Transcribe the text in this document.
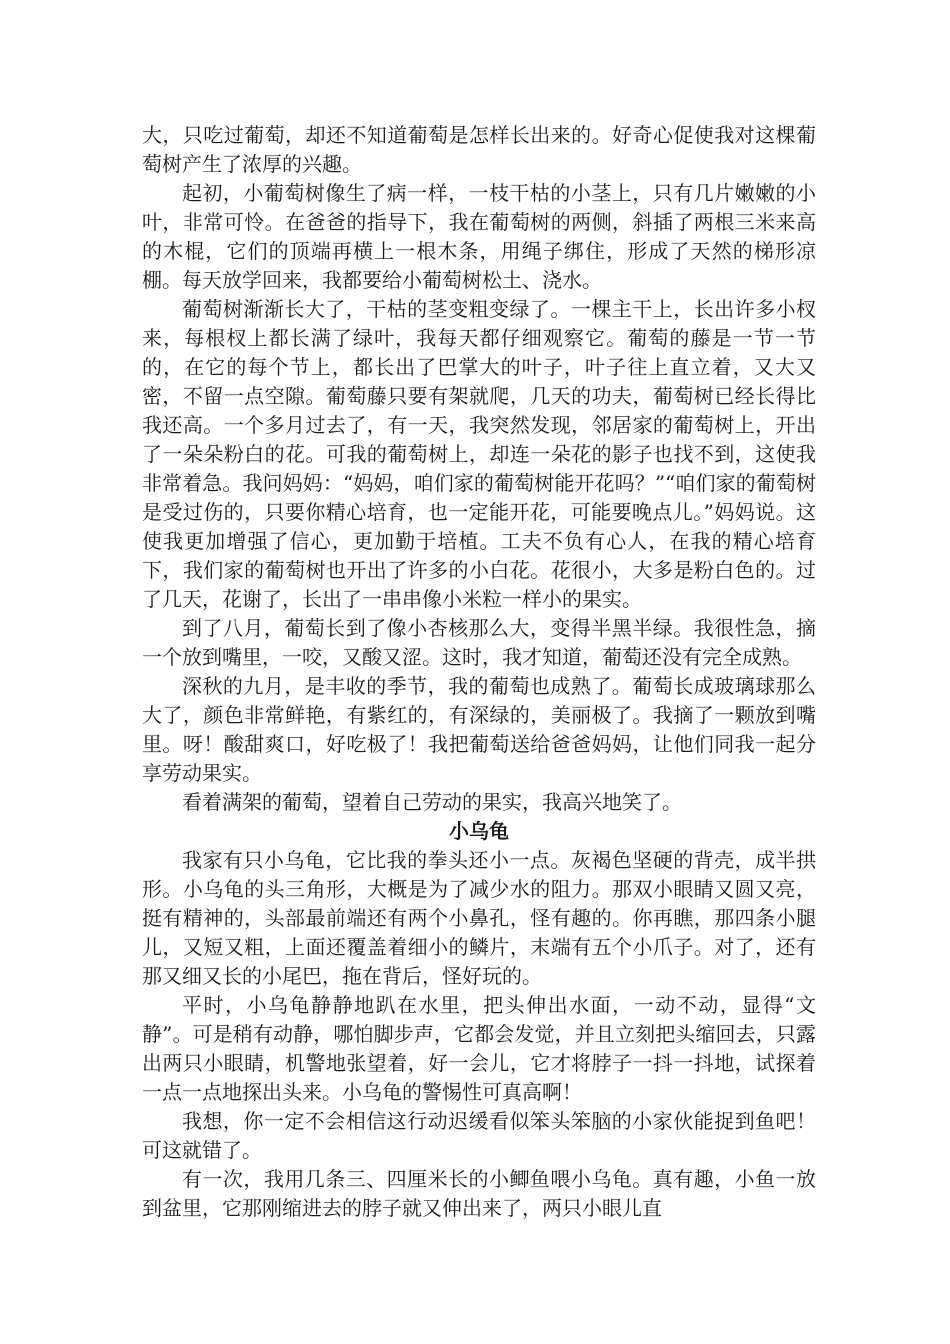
大，只吃过葡萄，却还不知道葡萄是怎样长出来的。好奇心促使我对这棵葡萄树产生了浓厚的兴趣。

起初，小葡萄树像生了病一样，一枝干枯的小茎上，只有几片嫩嫩的小叶，非常可怜。在爸爸的指导下，我在葡萄树的两侧，斜插了两根三米来高的木棍，它们的顶端再横上一根木条，用绳子绑住，形成了天然的梯形凉棚。每天放学回来，我都要给小葡萄树松土、浇水。

葡萄树渐渐长大了，干枯的茎变粗变绿了。一棵主干上，长出许多小杈来，每根杈上都长满了绿叶，我每天都仔细观察它。葡萄的藤是一节一节的，在它的每个节上，都长出了巴掌大的叶子，叶子往上直立着，又大又密，不留一点空隙。葡萄藤只要有架就爬，几天的功夫，葡萄树已经长得比我还高。一个多月过去了，有一天，我突然发现，邻居家的葡萄树上，开出了一朵朵粉白的花。可我的葡萄树上，却连一朵花的影子也找不到，这使我非常着急。我问妈妈：“妈妈，咱们家的葡萄树能开花吗？”“咱们家的葡萄树是受过伤的，只要你精心培育，也一定能开花，可能要晚点儿。”妈妈说。这使我更加增强了信心，更加勤于培植。工夫不负有心人，在我的精心培育下，我们家的葡萄树也开出了许多的小白花。花很小，大多是粉白色的。过了几天，花谢了，长出了一串串像小米粒一样小的果实。

到了八月，葡萄长到了像小杏核那么大，变得半黑半绿。我很性急，摘一个放到嘴里，一咬，又酸又涩。这时，我才知道，葡萄还没有完全成熟。

深秋的九月，是丰收的季节，我的葡萄也成熟了。葡萄长成玻璃球那么大了，颜色非常鲜艳，有紫红的，有深绿的，美丽极了。我摘了一颗放到嘴里。呀！酸甜爽口，好吃极了！我把葡萄送给爸爸妈妈，让他们同我一起分享劳动果实。

看着满架的葡萄，望着自己劳动的果实，我高兴地笑了。

小乌龟

我家有只小乌龟，它比我的拳头还小一点。灰褐色坚硬的背壳，成半拱形。小乌龟的头三角形，大概是为了减少水的阻力。那双小眼睛又圆又亮，挺有精神的，头部最前端还有两个小鼻孔，怪有趣的。你再瞧，那四条小腿儿，又短又粗，上面还覆盖着细小的鳞片，末端有五个小爪子。对了，还有那又细又长的小尾巴，拖在背后，怪好玩的。

平时，小乌龟静静地趴在水里，把头伸出水面，一动不动，显得“文静”。可是稍有动静，哪怕脚步声，它都会发觉，并且立刻把头缩回去，只露出两只小眼睛，机警地张望着，好一会儿，它才将脖子一抖一抖地，试探着一点一点地探出头来。小乌龟的警惕性可真高啊！

我想，你一定不会相信这行动迟缓看似笨头笨脑的小家伙能捉到鱼吧！可这就错了。

有一次，我用几条三、四厘米长的小鲫鱼喂小乌龟。真有趣，小鱼一放到盆里，它那刚缩进去的脖子就又伸出来了，两只小眼儿直
